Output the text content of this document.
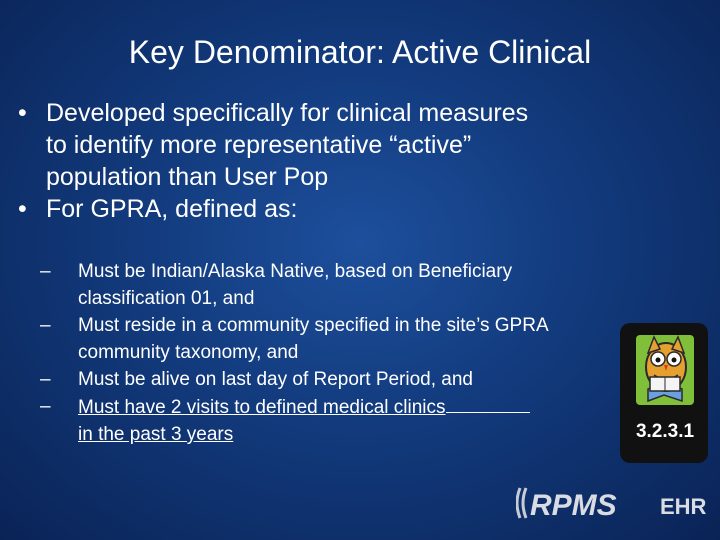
Key Denominator: Active Clinical
• Developed specifically for clinical measures
to identify more representative “active”
population than User Pop
• For GPRA, defined as:
– Must be Indian/Alaska Native, based on Beneficiary
classification 01, and
– Must reside in a community specified in the site’s GPRA
community taxonomy, and
– Must be alive on last day of Report Period, and
– Must have 2 visits to defined medical clinics
in the past 3 years	3.2.3.1
RPMS EHR
